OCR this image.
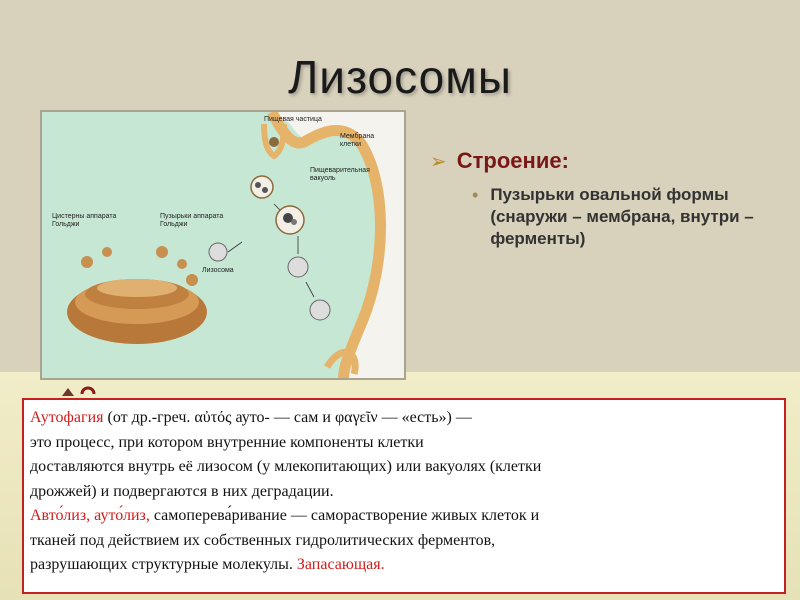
Лизосомы
Пищевая частица
Мембрана
клетки
Пищеварительная
вакуоль
Цистерны аппарата
Гольджи
Пузырьки аппарата
Гольджи
Лизосома
➢ Строение:
• Пузырьки овальной формы (снаружи – мембрана, внутри – ферменты)
Аутофагия (от др.-греч. αὐτός ауто- — сам и φαγεῖν — «есть») —
это процесс, при котором внутренние компоненты клетки
доставляются внутрь её лизосом (у млекопитающих) или вакуолях (клетки
дрожжей) и подвергаются в них деградации.
Авто́лиз, ауто́лиз, самоперева́ривание — саморастворение живых клеток и
тканей под действием их собственных гидролитических ферментов,
разрушающих структурные молекулы. Запасающая.
